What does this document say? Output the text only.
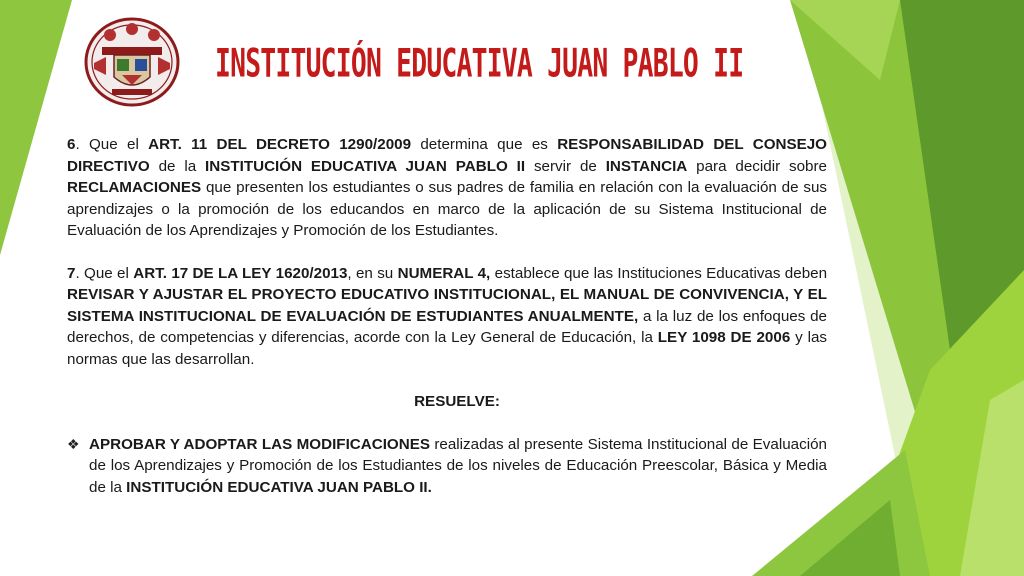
INSTITUCIÓN EDUCATIVA JUAN PABLO II

6. Que el ART. 11 DEL DECRETO 1290/2009 determina que es RESPONSABILIDAD DEL CONSEJO DIRECTIVO de la INSTITUCIÓN EDUCATIVA JUAN PABLO II servir de INSTANCIA para decidir sobre RECLAMACIONES que presenten los estudiantes o sus padres de familia en relación con la evaluación de sus aprendizajes o la promoción de los educandos en marco de la aplicación de su Sistema Institucional de Evaluación de los Aprendizajes y Promoción de los Estudiantes.

7. Que el ART. 17 DE LA LEY 1620/2013, en su NUMERAL 4, establece que las Instituciones Educativas deben REVISAR Y AJUSTAR EL PROYECTO EDUCATIVO INSTITUCIONAL, EL MANUAL DE CONVIVENCIA, Y EL SISTEMA INSTITUCIONAL DE EVALUACIÓN DE ESTUDIANTES ANUALMENTE, a la luz de los enfoques de derechos, de competencias y diferencias, acorde con la Ley General de Educación, la LEY 1098 DE 2006 y las normas que las desarrollan.

RESUELVE:

❖ APROBAR Y ADOPTAR LAS MODIFICACIONES realizadas al presente Sistema Institucional de Evaluación de los Aprendizajes y Promoción de los Estudiantes de los niveles de Educación Preescolar, Básica y Media de la INSTITUCIÓN EDUCATIVA JUAN PABLO II.
